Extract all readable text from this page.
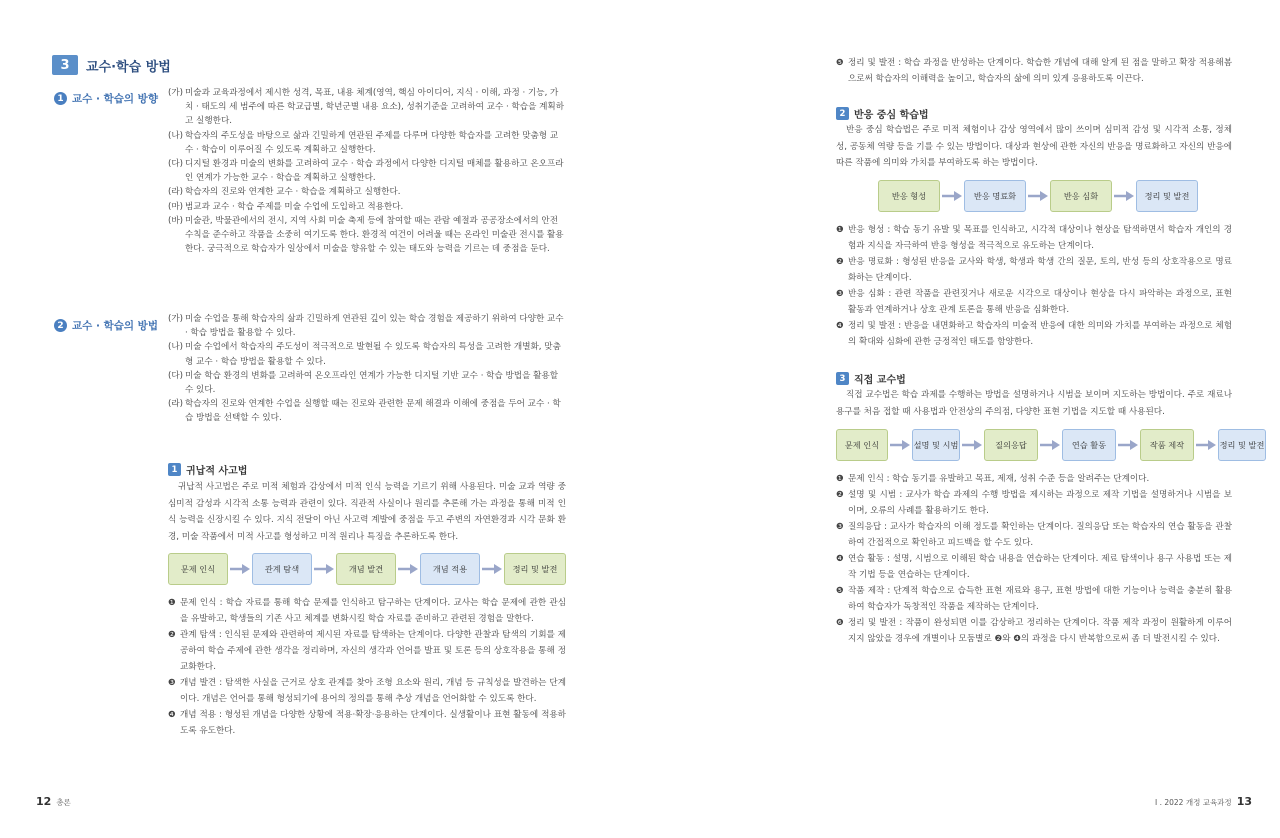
3	교수·학습 방법
1 교수 · 학습의 방향 (가) 미술과 교육과정에서 제시한 성격, 목표, 내용 체계(영역, 핵심 아이디어, 지식 · 이해, 과정 · 기능, 가치 · 태도의 세 범주에 따른 학교급별, 학년군별 내용 요소), 성취기준을 고려하여 교수 · 학습을 계획하고 실행한다.
(나) 학습자의 주도성을 바탕으로 삶과 긴밀하게 연관된 주제를 다루며 다양한 학습자를 고려한 맞춤형 교수 · 학습이 이루어질 수 있도록 계획하고 실행한다.
(다) 디지털 환경과 미술의 변화를 고려하여 교수 · 학습 과정에서 다양한 디지털 매체를 활용하고 온오프라인 연계가 가능한 교수 · 학습을 계획하고 실행한다.
(라) 학습자의 진로와 연계한 교수 · 학습을 계획하고 실행한다.
(마) 범교과 교수 · 학습 주제를 미술 수업에 도입하고 적용한다.
(바) 미술관, 박물관에서의 전시, 지역 사회 미술 축제 등에 참여할 때는 관람 예절과 공공장소에서의 안전 수칙을 준수하고 작품을 소중히 여기도록 한다. 환경적 여건이 어려울 때는 온라인 미술관 전시를 활용한다. 궁극적으로 학습자가 일상에서 미술을 향유할 수 있는 태도와 능력을 기르는 데 중점을 둔다.
2 교수 · 학습의 방법
(가) 미술 수업을 통해 학습자의 삶과 긴밀하게 연관된 깊이 있는 학습 경험을 제공하기 위하여 다양한 교수 · 학습 방법을 활용할 수 있다.
(나) 미술 수업에서 학습자의 주도성이 적극적으로 발현될 수 있도록 학습자의 특성을 고려한 개별화, 맞춤형 교수 · 학습 방법을 활용할 수 있다.
(다) 미술 학습 환경의 변화를 고려하여 온오프라인 연계가 가능한 디지털 기반 교수 · 학습 방법을 활용할 수 있다.
(라) 학습자의 진로와 연계한 수업을 실행할 때는 진로와 관련한 문제 해결과 이해에 중점을 두어 교수 · 학습 방법을 선택할 수 있다.
1 귀납적 사고법

귀납적 사고법은 주로 미적 체험과 감상에서 미적 인식 능력을 기르기 위해 사용된다. 미술 교과 역량 중 심미적 감성과 시각적 소통 능력과 관련이 있다. 직관적 사실이나 원리를 추론해 가는 과정을 통해 미적 인식 능력을 신장시킬 수 있다. 지식 전달이 아닌 사고력 계발에 중점을 두고 주변의 자연환경과 시각 문화 환경, 미술 작품에서 미적 사고를 형성하고 미적 원리나 특징을 추론하도록 한다.

문제 인식	관계 탐색	개념 발견	개념 적용	정리 및 발전
❶ 문제 인식 : 학습 자료를 통해 학습 문제를 인식하고 탐구하는 단계이다. 교사는 학습 문제에 관한 관심을 유발하고, 학생들의 기존 사고 체계를 변화시킬 학습 자료를 준비하고 관련된 경험을 말한다.
❷ 관계 탐색 : 인식된 문제와 관련하여 제시된 자료를 탐색하는 단계이다. 다양한 관찰과 탐색의 기회를 제공하여 학습 주제에 관한 생각을 정리하며, 자신의 생각과 언어를 발표 및 토론 등의 상호작용을 통해 정교화한다.
❸ 개념 발견 : 탐색한 사실을 근거로 상호 관계를 찾아 조형 요소와 원리, 개념 등 규칙성을 발견하는 단계이다. 개념은 언어를 통해 형성되기에 용어의 정의를 통해 추상 개념을 언어화할 수 있도록 한다.
❹ 개념 적용 : 형성된 개념을 다양한 상황에 적용·확장·응용하는 단계이다. 실생활이나 표현 활동에 적용하도록 유도한다.
12 총론
❺ 정리 및 발전 : 학습 과정을 반성하는 단계이다. 학습한 개념에 대해 알게 된 점을 말하고 확장 적용해봄으로써 학습자의 이해력을 높이고, 학습자의 삶에 의미 있게 응용하도록 이끈다.
2 반응 중심 학습법

반응 중심 학습법은 주로 미적 체험이나 감상 영역에서 많이 쓰이며 심미적 감성 및 시각적 소통, 정체성, 공동체 역량 등을 기를 수 있는 방법이다. 대상과 현상에 관한 자신의 반응을 명료화하고 자신의 반응에 따른 작품에 의미와 가치를 부여하도록 하는 방법이다.

반응 형성	반응 명료화	반응 심화	정리 및 발전
❶ 반응 형성 : 학습 동기 유발 및 목표를 인식하고, 시각적 대상이나 현상을 탐색하면서 학습자 개인의 경험과 지식을 자극하여 반응 형성을 적극적으로 유도하는 단계이다.
❷ 반응 명료화 : 형성된 반응을 교사와 학생, 학생과 학생 간의 질문, 토의, 반성 등의 상호작용으로 명료화하는 단계이다.
❸ 반응 심화 : 관련 작품을 관련짓거나 새로운 시각으로 대상이나 현상을 다시 파악하는 과정으로, 표현 활동과 연계하거나 상호 관계 토론을 통해 반응을 심화한다.
❹ 정리 및 발전 : 반응을 내면화하고 학습자의 미술적 반응에 대한 의미와 가치를 부여하는 과정으로 체험의 확대와 심화에 관한 긍정적인 태도를 함양한다.
3 직접 교수법

직접 교수법은 학습 과제를 수행하는 방법을 설명하거나 시범을 보이며 지도하는 방법이다. 주로 재료나 용구를 처음 접할 때 사용법과 안전상의 주의점, 다양한 표현 기법을 지도할 때 사용된다.

문제 인식	설명 및 시범	질의응답	연습 활동	작품 제작	정리 및 발전
❶ 문제 인식 : 학습 동기를 유발하고 목표, 제재, 성취 수준 등을 알려주는 단계이다.
❷ 설명 및 시범 : 교사가 학습 과제의 수행 방법을 제시하는 과정으로 제작 기법을 설명하거나 시범을 보이며, 오류의 사례를 활용하기도 한다.
❸ 질의응답 : 교사가 학습자의 이해 정도를 확인하는 단계이다. 질의응답 또는 학습자의 연습 활동을 관찰하여 간접적으로 확인하고 피드백을 할 수도 있다.
❹ 연습 활동 : 설명, 시범으로 이해된 학습 내용을 연습하는 단계이다. 제료 탐색이나 용구 사용법 또는 제작 기법 등을 연습하는 단계이다.
❺ 작품 제작 : 단계적 학습으로 습득한 표현 재료와 용구, 표현 방법에 대한 기능이나 능력을 충분히 활용하여 학습자가 독창적인 작품을 제작하는 단계이다.
❻ 정리 및 발전 : 작품이 완성되면 이를 감상하고 정리하는 단계이다. 작품 제작 과정이 원활하게 이루어지지 않았을 경우에 개별이나 모둠별로 ❷와 ❹의 과정을 다시 반복함으로써 좀 더 발전시킬 수 있다.
I . 2022 개정 교육과정 13
